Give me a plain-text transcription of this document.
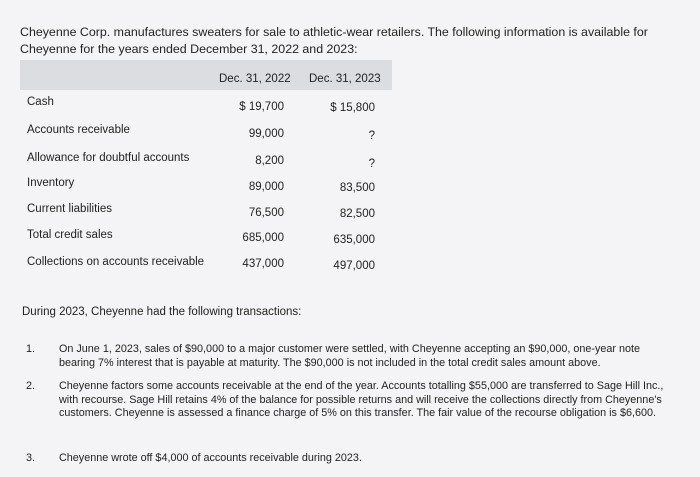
Cheyenne Corp. manufactures sweaters for sale to athletic-wear retailers. The following information is available for Cheyenne for the years ended December 31, 2022 and 2023:

Dec. 31, 2022 Dec. 31, 2023
Cash	$ 19,700	$ 15,800
Accounts receivable	99,000	?
Allowance for doubtful accounts	8,200	?
Inventory	89,000	83,500
Current liabilities	76,500	82,500
Total credit sales	685,000	635,000
Collections on accounts receivable	437,000	497,000

During 2023, Cheyenne had the following transactions:

1. On June 1, 2023, sales of $90,000 to a major customer were settled, with Cheyenne accepting an $90,000, one-year note bearing 7% interest that is payable at maturity. The $90,000 is not included in the total credit sales amount above.
2. Cheyenne factors some accounts receivable at the end of the year. Accounts totalling $55,000 are transferred to Sage Hill Inc., with recourse. Sage Hill retains 4% of the balance for possible returns and will receive the collections directly from Cheyenne's customers. Cheyenne is assessed a finance charge of 5% on this transfer. The fair value of the recourse obligation is $6,600.
3. Cheyenne wrote off $4,000 of accounts receivable during 2023.
